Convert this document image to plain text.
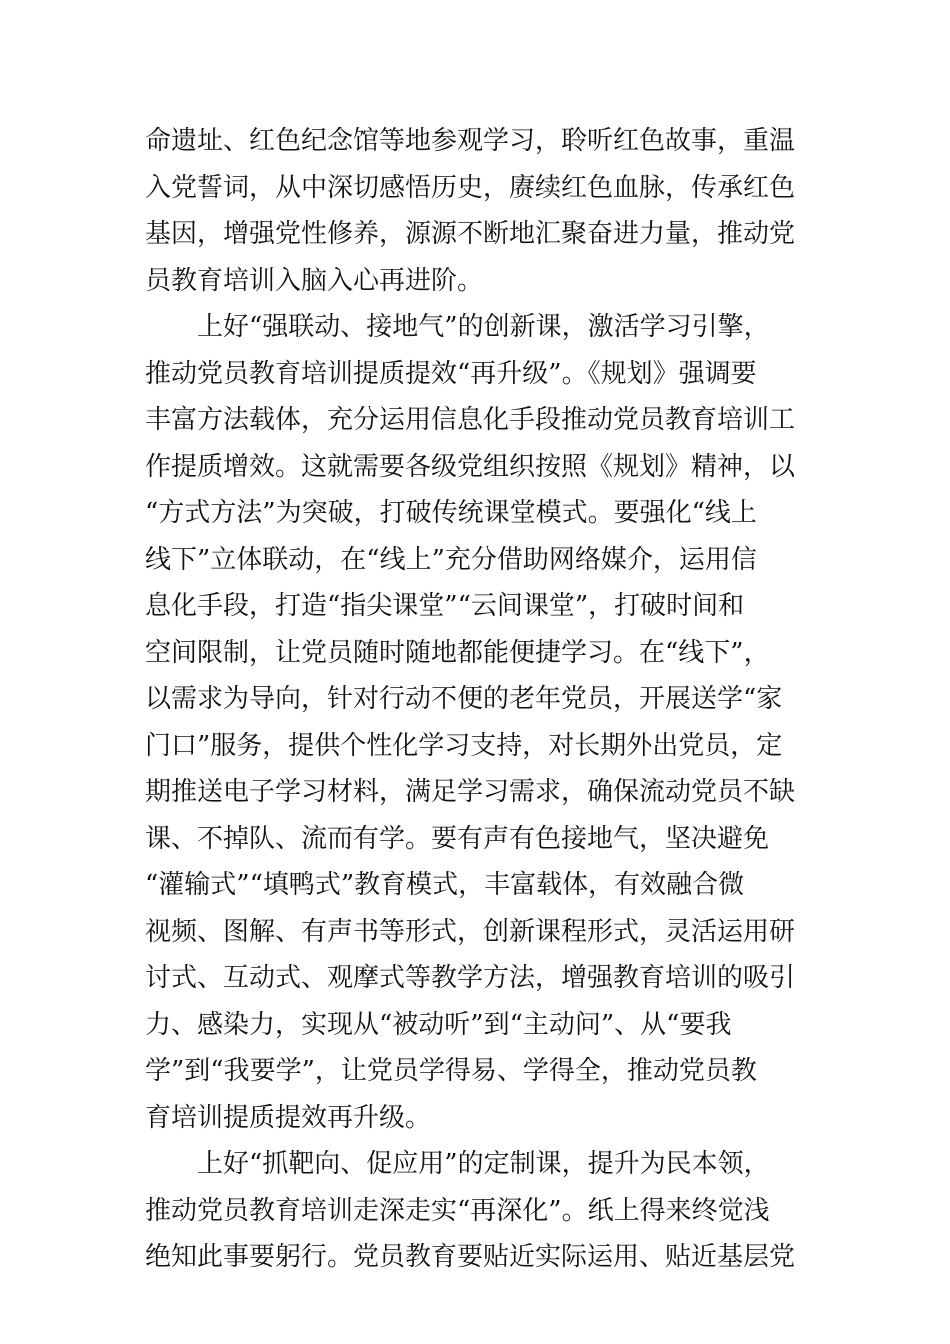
命遗址、红色纪念馆等地参观学习，聆听红色故事，重温
入党誓词，从中深切感悟历史，赓续红色血脉，传承红色
基因，增强党性修养，源源不断地汇聚奋进力量，推动党
员教育培训入脑入心再进阶。
上好“强联动、接地气”的创新课，激活学习引擎，
推动党员教育培训提质提效“再升级”。《规划》强调要
丰富方法载体，充分运用信息化手段推动党员教育培训工
作提质增效。这就需要各级党组织按照《规划》精神，以
“方式方法”为突破，打破传统课堂模式。要强化“线上
线下”立体联动，在“线上”充分借助网络媒介，运用信
息化手段，打造“指尖课堂”“云间课堂”，打破时间和
空间限制，让党员随时随地都能便捷学习。在“线下”，
以需求为导向，针对行动不便的老年党员，开展送学“家
门口”服务，提供个性化学习支持，对长期外出党员，定
期推送电子学习材料，满足学习需求，确保流动党员不缺
课、不掉队、流而有学。要有声有色接地气，坚决避免
“灌输式”“填鸭式”教育模式，丰富载体，有效融合微
视频、图解、有声书等形式，创新课程形式，灵活运用研
讨式、互动式、观摩式等教学方法，增强教育培训的吸引
力、感染力，实现从“被动听”到“主动问”、从“要我
学”到“我要学”，让党员学得易、学得全，推动党员教
育培训提质提效再升级。
上好“抓靶向、促应用”的定制课，提升为民本领，
推动党员教育培训走深走实“再深化”。纸上得来终觉浅
绝知此事要躬行。党员教育要贴近实际运用、贴近基层党
